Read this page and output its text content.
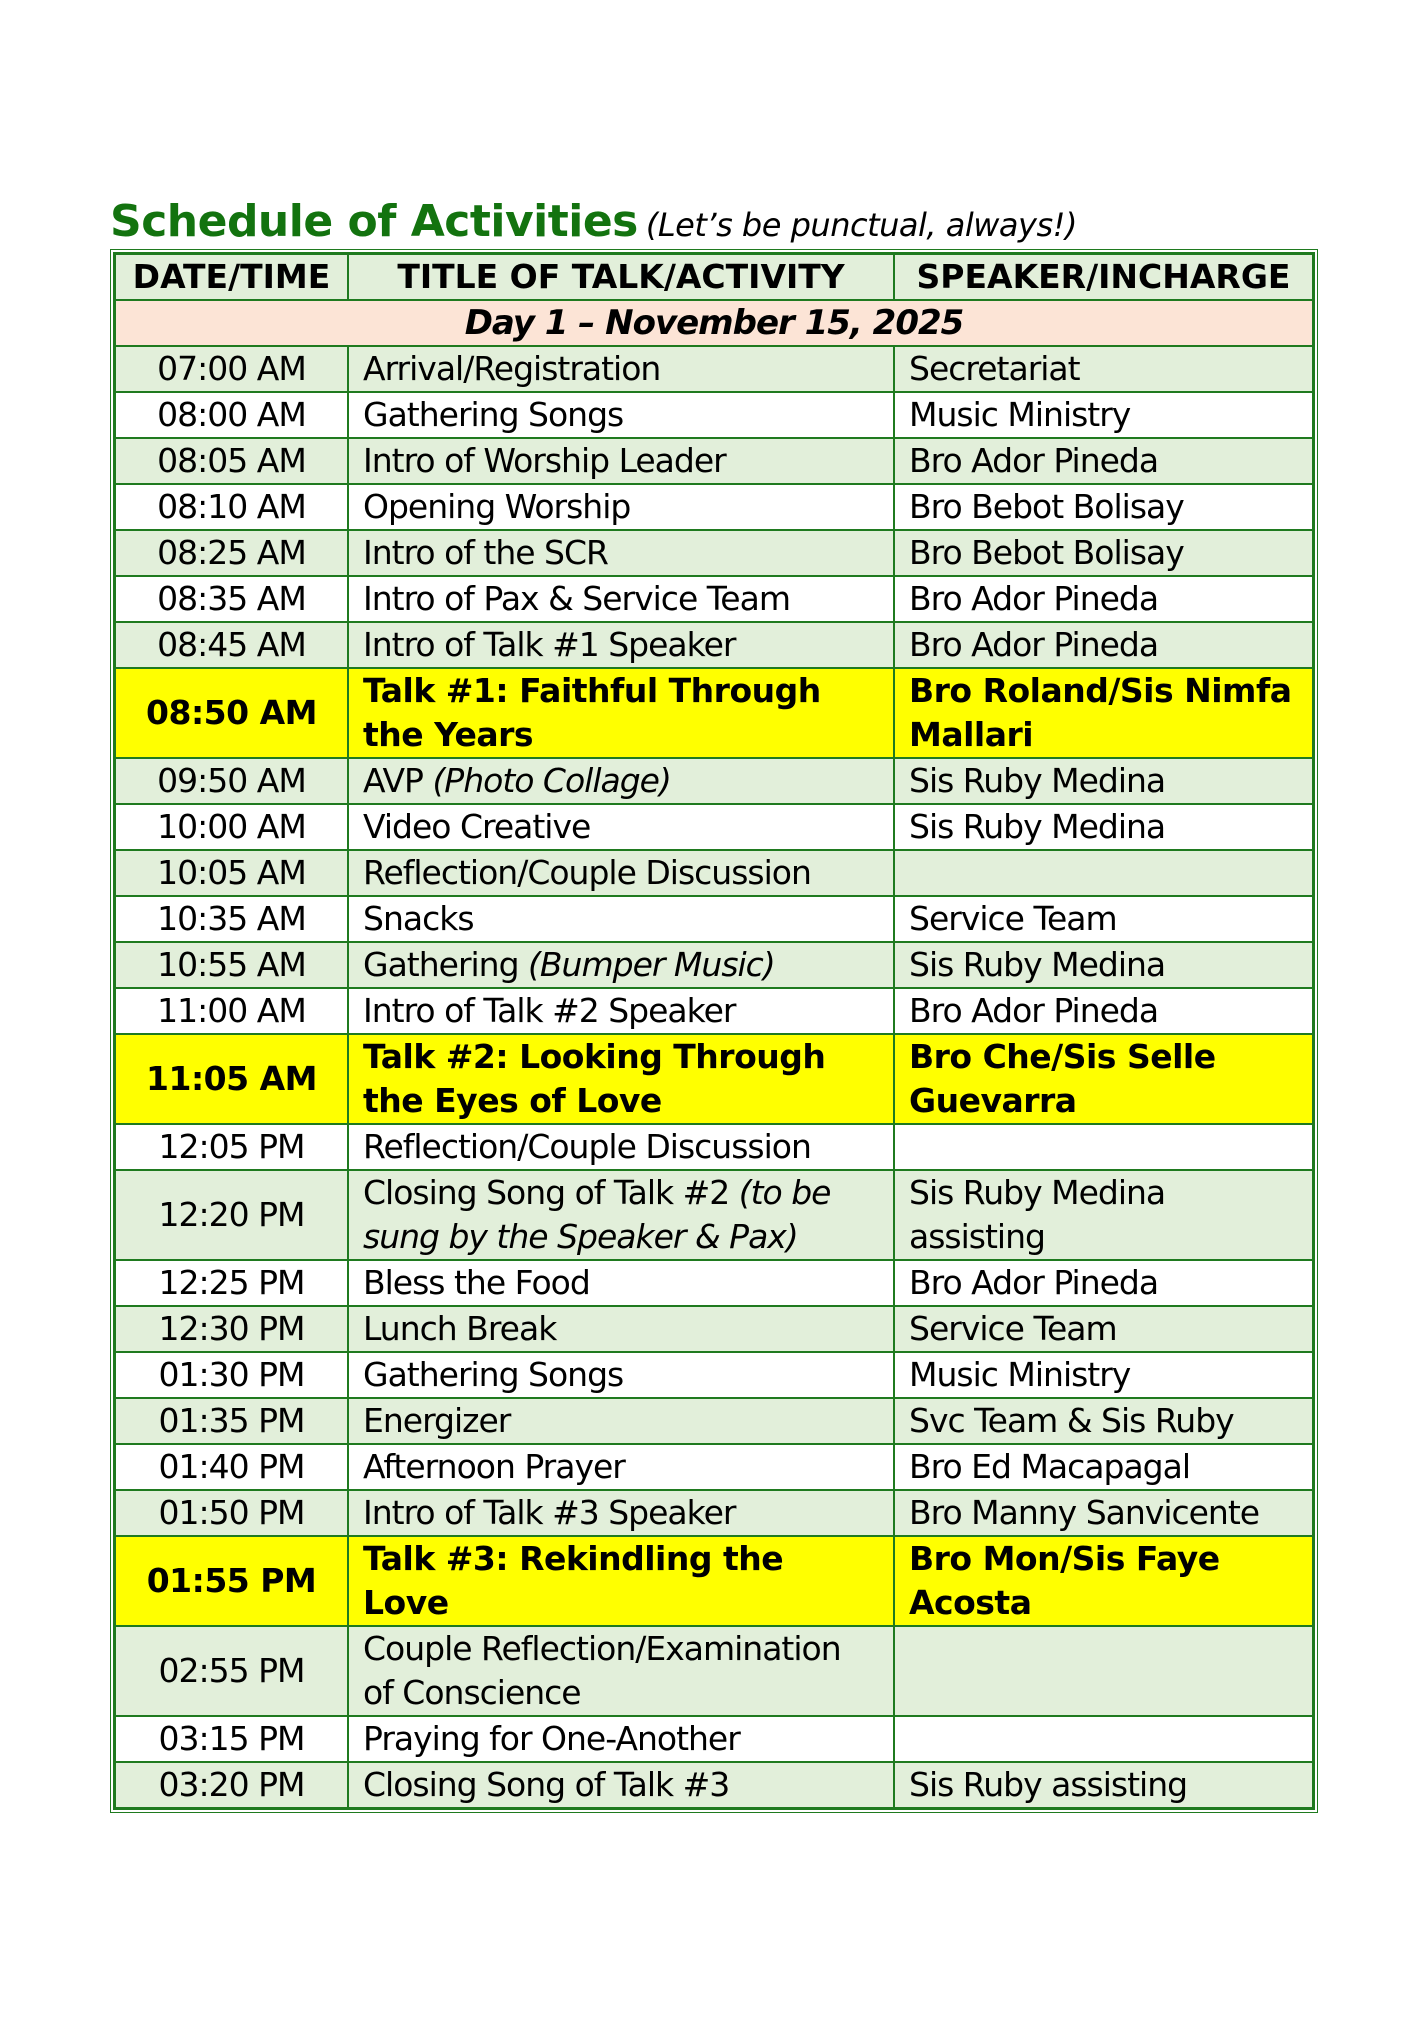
Schedule of Activities (Let’s be punctual, always!)
DATE/TIME	TITLE OF TALK/ACTIVITY	SPEAKER/INCHARGE
Day 1 – November 15, 2025		
07:00 AM	Arrival/Registration	Secretariat
08:00 AM	Gathering Songs	Music Ministry
08:05 AM	Intro of Worship Leader	Bro Ador Pineda
08:10 AM	Opening Worship	Bro Bebot Bolisay
08:25 AM	Intro of the SCR	Bro Bebot Bolisay
08:35 AM	Intro of Pax & Service Team	Bro Ador Pineda
08:45 AM	Intro of Talk #1 Speaker	Bro Ador Pineda
08:50 AM	Talk #1: Faithful Through the Years	Bro Roland/Sis Nimfa Mallari
09:50 AM	AVP (Photo Collage)	Sis Ruby Medina
10:00 AM	Video Creative	Sis Ruby Medina
10:05 AM	Reflection/Couple Discussion	
10:35 AM	Snacks	Service Team
10:55 AM	Gathering (Bumper Music)	Sis Ruby Medina
11:00 AM	Intro of Talk #2 Speaker	Bro Ador Pineda
11:05 AM	Talk #2: Looking Through the Eyes of Love	Bro Che/Sis Selle Guevarra
12:05 PM	Reflection/Couple Discussion	
12:20 PM	Closing Song of Talk #2 (to be sung by the Speaker & Pax)	Sis Ruby Medina assisting
12:25 PM	Bless the Food	Bro Ador Pineda
12:30 PM	Lunch Break	Service Team
01:30 PM	Gathering Songs	Music Ministry
01:35 PM	Energizer	Svc Team & Sis Ruby
01:40 PM	Afternoon Prayer	Bro Ed Macapagal
01:50 PM	Intro of Talk #3 Speaker	Bro Manny Sanvicente
01:55 PM	Talk #3: Rekindling the Love	Bro Mon/Sis Faye Acosta
02:55 PM	Couple Reflection/Examination of Conscience	
03:15 PM	Praying for One-Another	
03:20 PM	Closing Song of Talk #3	Sis Ruby assisting
